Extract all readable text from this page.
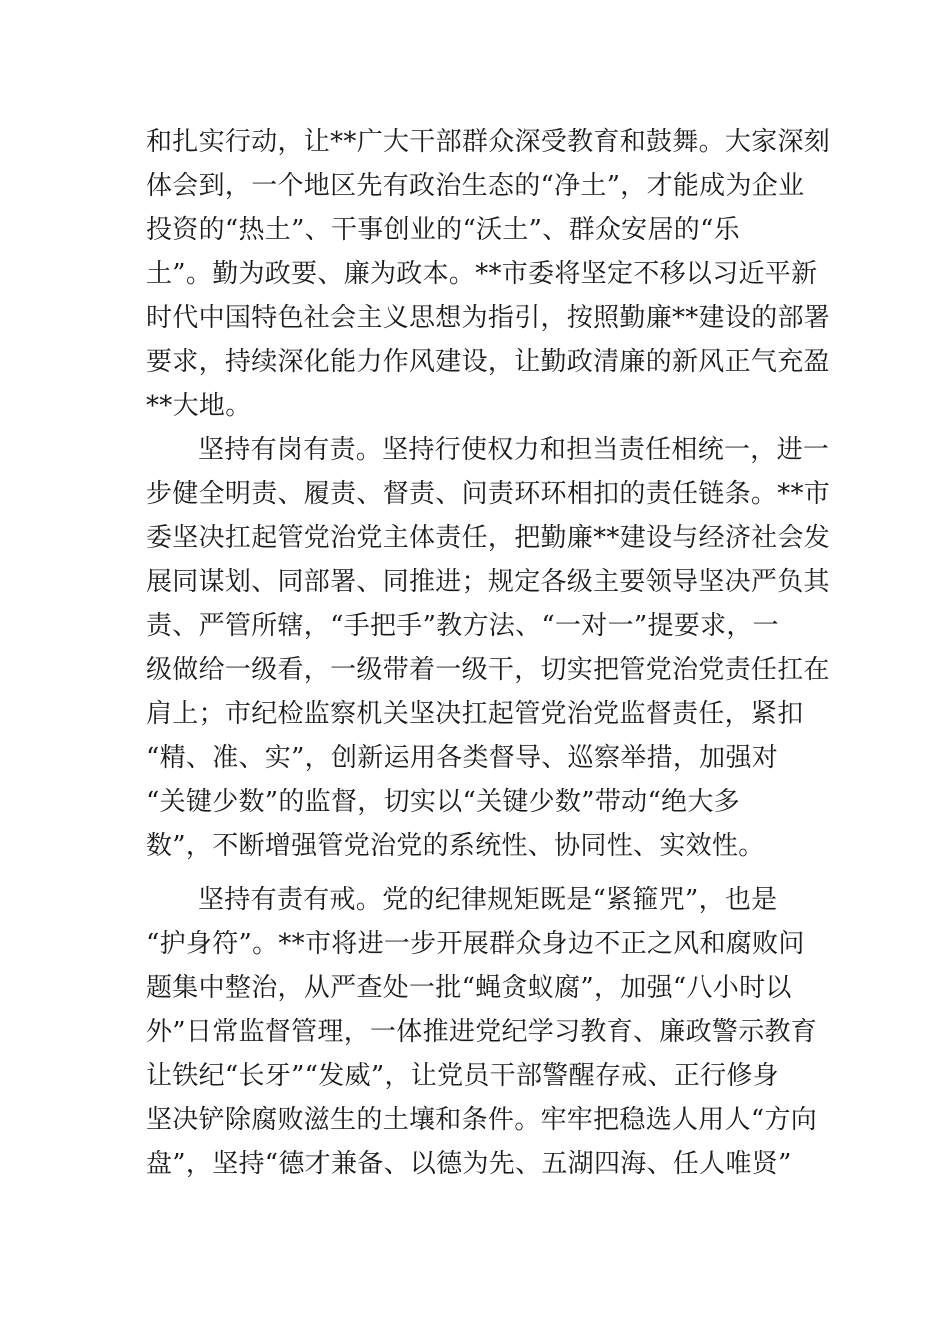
和扎实行动，让**广大干部群众深受教育和鼓舞。大家深刻
体会到，一个地区先有政治生态的“净土”，才能成为企业
投资的“热土”、干事创业的“沃土”、群众安居的“乐
土”。勤为政要、廉为政本。**市委将坚定不移以习近平新
时代中国特色社会主义思想为指引，按照勤廉**建设的部署
要求，持续深化能力作风建设，让勤政清廉的新风正气充盈
**大地。
坚持有岗有责。坚持行使权力和担当责任相统一，进一
步健全明责、履责、督责、问责环环相扣的责任链条。**市
委坚决扛起管党治党主体责任，把勤廉**建设与经济社会发
展同谋划、同部署、同推进；规定各级主要领导坚决严负其
责、严管所辖，“手把手”教方法、“一对一”提要求，一
级做给一级看，一级带着一级干，切实把管党治党责任扛在
肩上；市纪检监察机关坚决扛起管党治党监督责任，紧扣
“精、准、实”，创新运用各类督导、巡察举措，加强对
“关键少数”的监督，切实以“关键少数”带动“绝大多
数”，不断增强管党治党的系统性、协同性、实效性。
坚持有责有戒。党的纪律规矩既是“紧箍咒”，也是
“护身符”。**市将进一步开展群众身边不正之风和腐败问
题集中整治，从严查处一批“蝇贪蚁腐”，加强“八小时以
外”日常监督管理，一体推进党纪学习教育、廉政警示教育
让铁纪“长牙”“发威”，让党员干部警醒存戒、正行修身
坚决铲除腐败滋生的土壤和条件。牢牢把稳选人用人“方向
盘”，坚持“德才兼备、以德为先、五湖四海、任人唯贤”
